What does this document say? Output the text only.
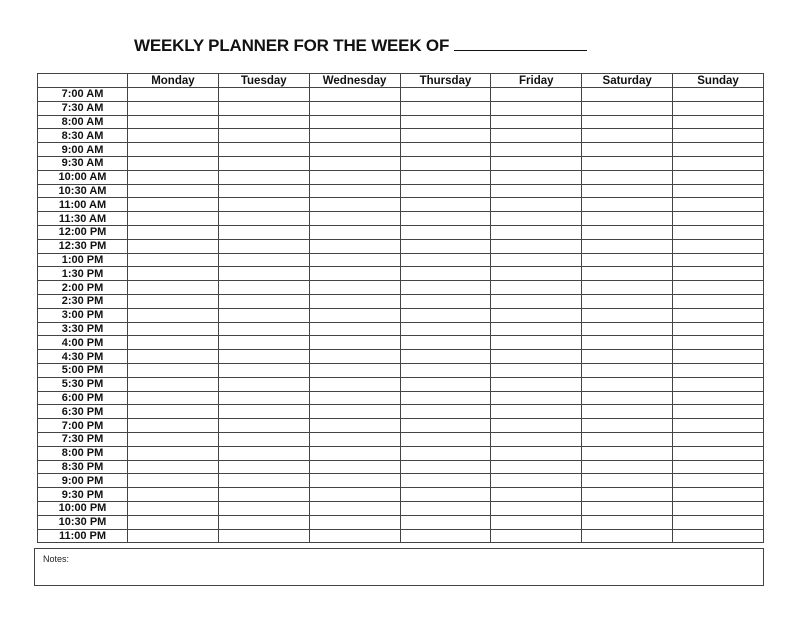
WEEKLY PLANNER FOR THE WEEK OF
	Monday	Tuesday	Wednesday	Thursday	Friday	Saturday	Sunday
7:00 AM							
7:30 AM							
8:00 AM							
8:30 AM							
9:00 AM							
9:30 AM							
10:00 AM							
10:30 AM							
11:00 AM							
11:30 AM							
12:00 PM							
12:30 PM							
1:00 PM							
1:30 PM							
2:00 PM							
2:30 PM							
3:00 PM							
3:30 PM							
4:00 PM							
4:30 PM							
5:00 PM							
5:30 PM							
6:00 PM							
6:30 PM							
7:00 PM							
7:30 PM							
8:00 PM							
8:30 PM							
9:00 PM							
9:30 PM							
10:00 PM							
10:30 PM							
11:00 PM							
Notes:
